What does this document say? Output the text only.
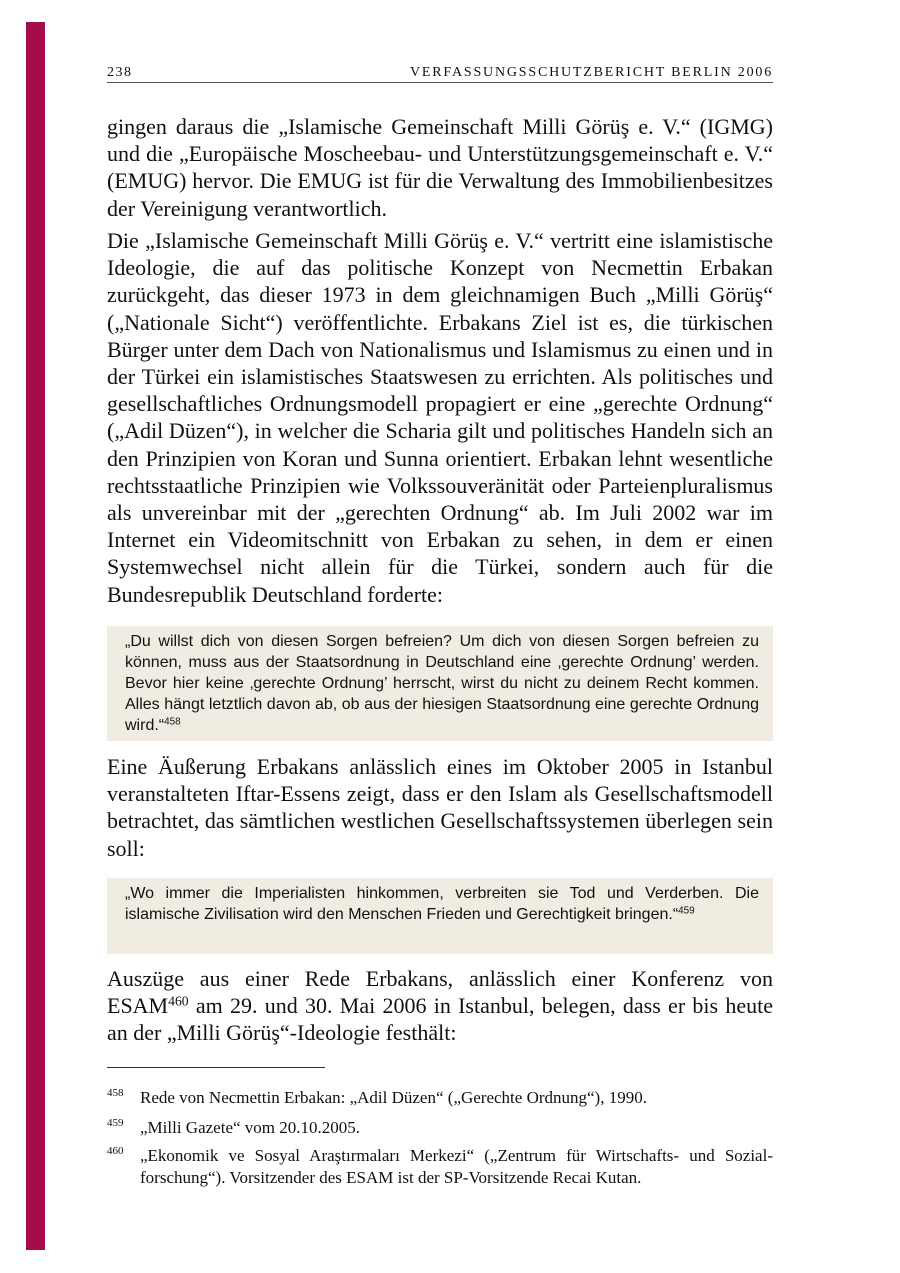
238	VERFASSUNGSSCHUTZBERICHT BERLIN 2006

gingen daraus die „Islamische Gemeinschaft Milli Görüş e. V.“ (IGMG) und die „Europäische Moscheebau- und Unterstützungsgemeinschaft e. V.“ (EMUG) hervor. Die EMUG ist für die Verwaltung des Immobilienbesitzes der Vereinigung verantwortlich.

Die „Islamische Gemeinschaft Milli Görüş e. V.“ vertritt eine islamistische Ideologie, die auf das politische Konzept von Necmettin Erbakan zurückgeht, das dieser 1973 in dem gleichnamigen Buch „Milli Görüş“ („Nationale Sicht“) veröffentlichte. Erbakans Ziel ist es, die türkischen Bürger unter dem Dach von Nationalismus und Islamismus zu einen und in der Türkei ein islamistisches Staatswesen zu errichten. Als politisches und gesellschaftliches Ordnungsmodell propagiert er eine „gerechte Ordnung“ („Adil Düzen“), in welcher die Scharia gilt und politisches Handeln sich an den Prinzipien von Koran und Sunna orientiert. Erbakan lehnt wesentliche rechtsstaatliche Prinzipien wie Volkssouveränität oder Parteienpluralismus als unvereinbar mit der „gerechten Ordnung“ ab. Im Juli 2002 war im Internet ein Videomitschnitt von Erbakan zu sehen, in dem er einen Systemwechsel nicht allein für die Türkei, sondern auch für die Bundesrepublik Deutschland forderte:

„Du willst dich von diesen Sorgen befreien? Um dich von diesen Sorgen befreien zu können, muss aus der Staatsordnung in Deutschland eine ‚gerechte Ordnung’ werden. Bevor hier keine ‚gerechte Ordnung’ herrscht, wirst du nicht zu deinem Recht kommen. Alles hängt letztlich davon ab, ob aus der hiesigen Staatsordnung eine gerechte Ordnung wird.“$^{458}$

Eine Äußerung Erbakans anlässlich eines im Oktober 2005 in Istanbul veranstalteten Iftar-Essens zeigt, dass er den Islam als Gesellschaftsmodell betrachtet, das sämtlichen westlichen Gesellschaftssystemen überlegen sein soll:

„Wo immer die Imperialisten hinkommen, verbreiten sie Tod und Verderben. Die islamische Zivilisation wird den Menschen Frieden und Gerechtigkeit bringen.“$^{459}$

Auszüge aus einer Rede Erbakans, anlässlich einer Konferenz von ESAM$^{460}$ am 29. und 30. Mai 2006 in Istanbul, belegen, dass er bis heute an der „Milli Görüş“-Ideologie festhält:

458 Rede von Necmettin Erbakan: „Adil Düzen“ („Gerechte Ordnung“), 1990.
459 „Milli Gazete“ vom 20.10.2005.
460 „Ekonomik ve Sosyal Araştırmaları Merkezi“ („Zentrum für Wirtschafts- und Sozialforschung“). Vorsitzender des ESAM ist der SP-Vorsitzende Recai Kutan.
